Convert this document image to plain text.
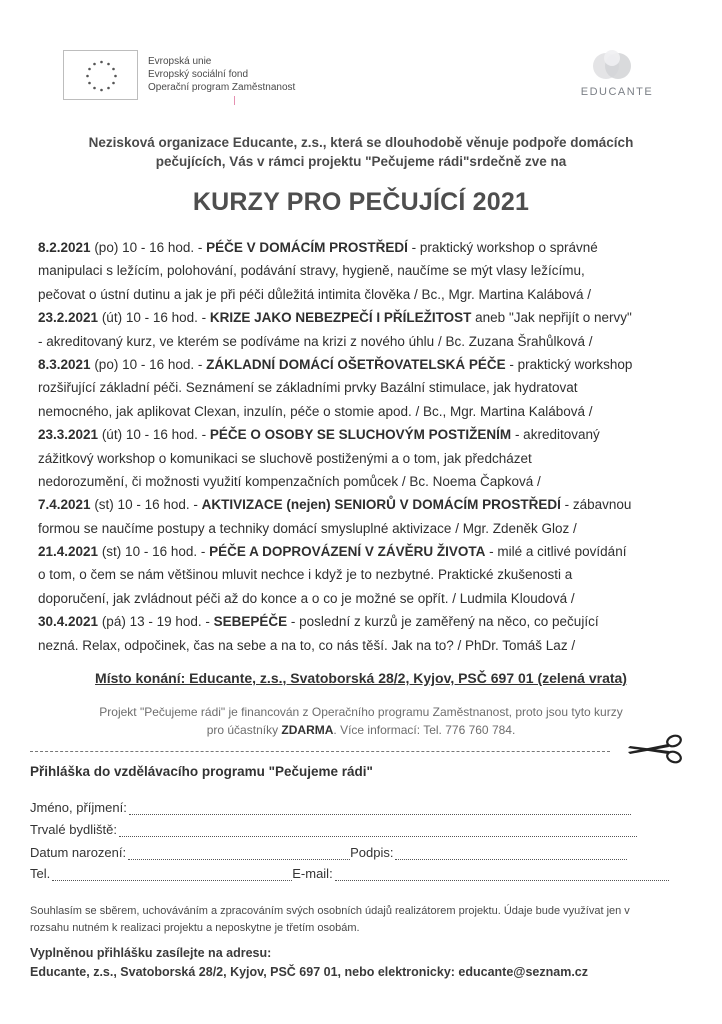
Evropská unie
Evropský sociální fond
Operační program Zaměstnanost	EDUCANTE
Nezisková organizace Educante, z.s., která se dlouhodobě věnuje podpoře domácích
pečujících, Vás v rámci projektu "Pečujeme rádi"srdečně zve na
KURZY PRO PEČUJÍCÍ 2021
8.2.2021 (po) 10 - 16 hod. - PÉČE V DOMÁCÍM PROSTŘEDÍ - praktický workshop o správné
manipulaci s ležícím, polohování, podávání stravy, hygieně, naučíme se mýt vlasy ležícímu,
pečovat o ústní dutinu a jak je při péči důležitá intimita člověka / Bc., Mgr. Martina Kalábová /
23.2.2021 (út) 10 - 16 hod. - KRIZE JAKO NEBEZPEČÍ I PŘÍLEŽITOST aneb "Jak nepřijít o nervy"
- akreditovaný kurz, ve kterém se podíváme na krizi z nového úhlu / Bc. Zuzana Šrahůlková /
8.3.2021 (po) 10 - 16 hod. - ZÁKLADNÍ DOMÁCÍ OŠETŘOVATELSKÁ PÉČE - praktický workshop
rozšiřující základní péči. Seznámení se základními prvky Bazální stimulace, jak hydratovat
nemocného, jak aplikovat Clexan, inzulín, péče o stomie apod. / Bc., Mgr. Martina Kalábová /
23.3.2021 (út) 10 - 16 hod. - PÉČE O OSOBY SE SLUCHOVÝM POSTIŽENÍM - akreditovaný
zážitkový workshop o komunikaci se sluchově postiženými a o tom, jak předcházet
nedorozumění, či možnosti využití kompenzačních pomůcek / Bc. Noema Čapková /
7.4.2021 (st) 10 - 16 hod. - AKTIVIZACE (nejen) SENIORŮ V DOMÁCÍM PROSTŘEDÍ - zábavnou
formou se naučíme postupy a techniky domácí smysluplné aktivizace / Mgr. Zdeněk Gloz /
21.4.2021 (st) 10 - 16 hod. - PÉČE A DOPROVÁZENÍ V ZÁVĚRU ŽIVOTA - milé a citlivé povídání
o tom, o čem se nám většinou mluvit nechce i když je to nezbytné. Praktické zkušenosti a
doporučení, jak zvládnout péči až do konce a o co je možné se opřít. / Ludmila Kloudová /
30.4.2021 (pá) 13 - 19 hod. - SEBEPÉČE - poslední z kurzů je zaměřený na něco, co pečující
nezná. Relax, odpočinek, čas na sebe a na to, co nás těší. Jak na to? / PhDr. Tomáš Laz /
Místo konání: Educante, z.s., Svatoborská 28/2, Kyjov, PSČ 697 01 (zelená vrata)
Projekt "Pečujeme rádi" je financován z Operačního programu Zaměstnanost, proto jsou tyto kurzy
pro účastníky ZDARMA. Více informací: Tel. 776 760 784.
Přihláška do vzdělávacího programu "Pečujeme rádi"
Jméno, příjmení:
Trvalé bydliště:
Datum narození:	Podpis:
Tel.	E-mail:
Souhlasím se sběrem, uchováváním a zpracováním svých osobních údajů realizátorem projektu. Údaje bude využívat jen v rozsahu nutném k realizaci projektu a neposkytne je třetím osobám.
Vyplněnou přihlášku zasílejte na adresu:
Educante, z.s., Svatoborská 28/2, Kyjov, PSČ 697 01, nebo elektronicky: educante@seznam.cz
